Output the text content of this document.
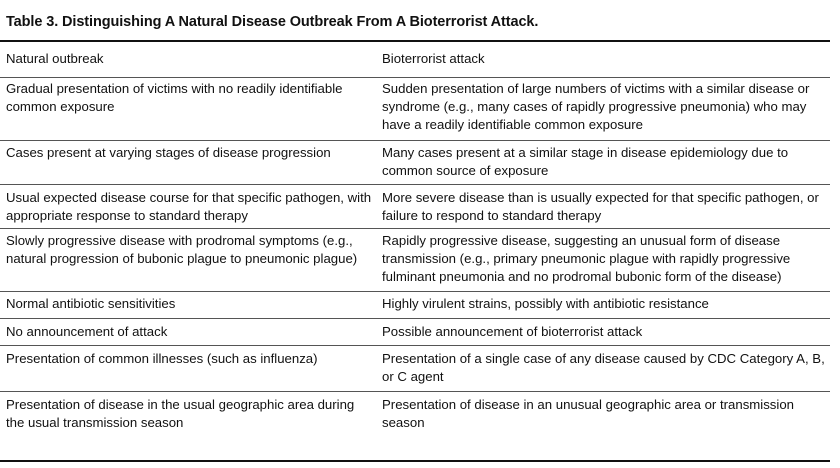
Table 3. Distinguishing A Natural Disease Outbreak From A Bioterrorist Attack.
Natural outbreak	Bioterrorist attack
Gradual presentation of victims with no readily identifiable common exposure	Sudden presentation of large numbers of victims with a similar disease or syndrome (e.g., many cases of rapidly progressive pneumonia) who may have a readily identifiable common exposure
Cases present at varying stages of disease progression	Many cases present at a similar stage in disease epidemiology due to common source of exposure
Usual expected disease course for that specific pathogen, with appropriate response to standard therapy	More severe disease than is usually expected for that specific pathogen, or failure to respond to standard therapy
Slowly progressive disease with prodromal symptoms (e.g., natural progression of bubonic plague to pneumonic plague)	Rapidly progressive disease, suggesting an unusual form of disease transmission (e.g., primary pneumonic plague with rapidly progressive fulminant pneumonia and no prodromal bubonic form of the disease)
Normal antibiotic sensitivities	Highly virulent strains, possibly with antibiotic resistance
No announcement of attack	Possible announcement of bioterrorist attack
Presentation of common illnesses (such as influenza)	Presentation of a single case of any disease caused by CDC Category A, B, or C agent
Presentation of disease in the usual geographic area during the usual transmission season	Presentation of disease in an unusual geographic area or transmission season
